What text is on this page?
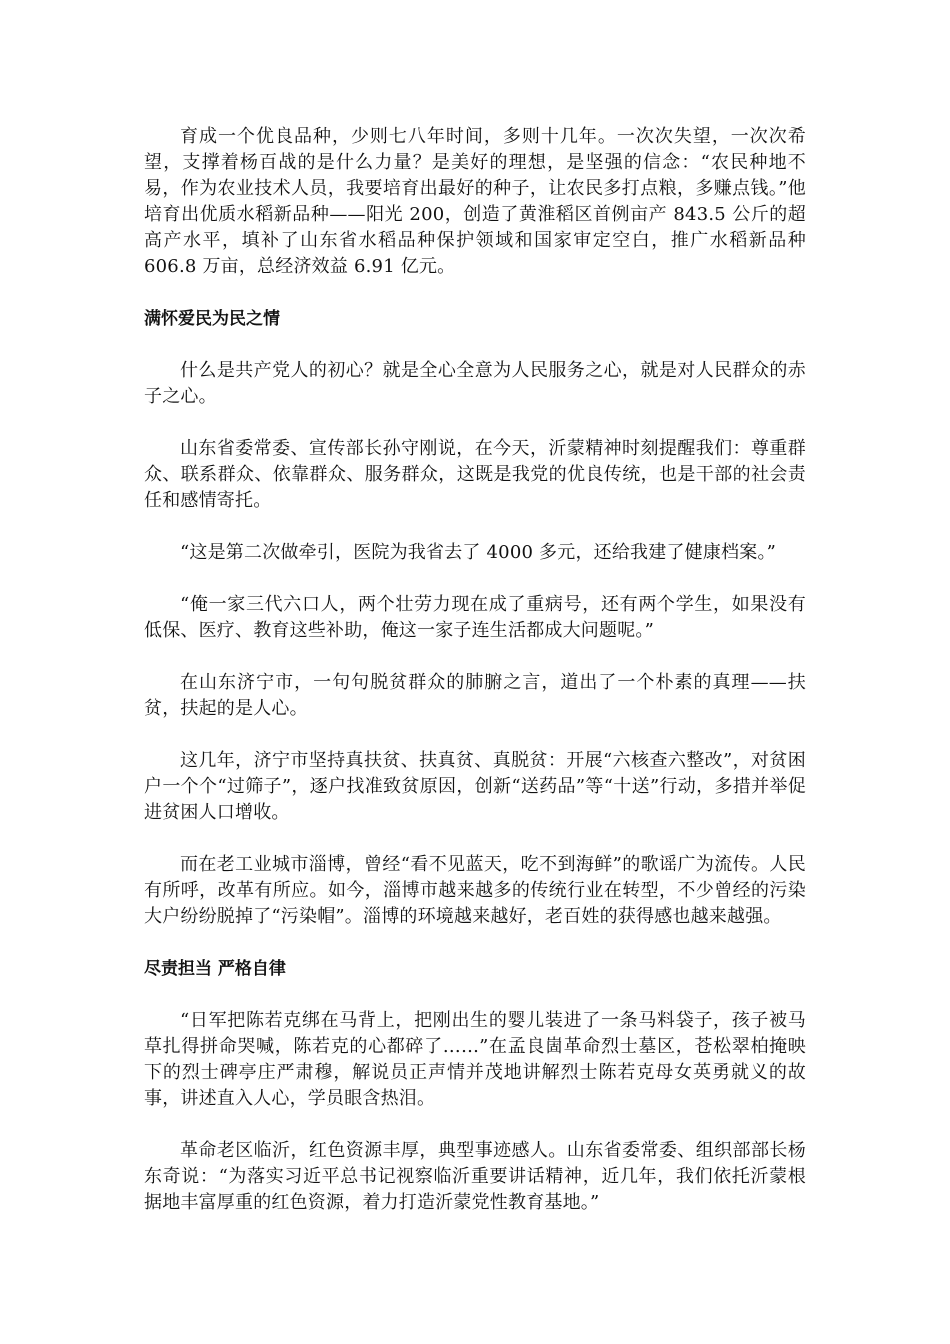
育成一个优良品种，少则七八年时间，多则十几年。一次次失望，一次次希望，支撑着杨百战的是什么力量？是美好的理想，是坚强的信念：“农民种地不易，作为农业技术人员，我要培育出最好的种子，让农民多打点粮，多赚点钱。”他培育出优质水稻新品种——阳光 200，创造了黄淮稻区首例亩产 843.5 公斤的超高产水平，填补了山东省水稻品种保护领域和国家审定空白，推广水稻新品种 606.8 万亩，总经济效益 6.91 亿元。

满怀爱民为民之情

什么是共产党人的初心？就是全心全意为人民服务之心，就是对人民群众的赤子之心。

山东省委常委、宣传部长孙守刚说，在今天，沂蒙精神时刻提醒我们：尊重群众、联系群众、依靠群众、服务群众，这既是我党的优良传统，也是干部的社会责任和感情寄托。

“这是第二次做牵引，医院为我省去了 4000 多元，还给我建了健康档案。”

“俺一家三代六口人，两个壮劳力现在成了重病号，还有两个学生，如果没有低保、医疗、教育这些补助，俺这一家子连生活都成大问题呢。”

在山东济宁市，一句句脱贫群众的肺腑之言，道出了一个朴素的真理——扶贫，扶起的是人心。

这几年，济宁市坚持真扶贫、扶真贫、真脱贫：开展“六核查六整改”，对贫困户一个个“过筛子”，逐户找准致贫原因，创新“送药品”等“十送”行动，多措并举促进贫困人口增收。

而在老工业城市淄博，曾经“看不见蓝天，吃不到海鲜”的歌谣广为流传。人民有所呼，改革有所应。如今，淄博市越来越多的传统行业在转型，不少曾经的污染大户纷纷脱掉了“污染帽”。淄博的环境越来越好，老百姓的获得感也越来越强。

尽责担当 严格自律

“日军把陈若克绑在马背上，把刚出生的婴儿装进了一条马料袋子，孩子被马草扎得拼命哭喊，陈若克的心都碎了……”在孟良崮革命烈士墓区，苍松翠柏掩映下的烈士碑亭庄严肃穆，解说员正声情并茂地讲解烈士陈若克母女英勇就义的故事，讲述直入人心，学员眼含热泪。

革命老区临沂，红色资源丰厚，典型事迹感人。山东省委常委、组织部部长杨东奇说：“为落实习近平总书记视察临沂重要讲话精神，近几年，我们依托沂蒙根据地丰富厚重的红色资源，着力打造沂蒙党性教育基地。”
